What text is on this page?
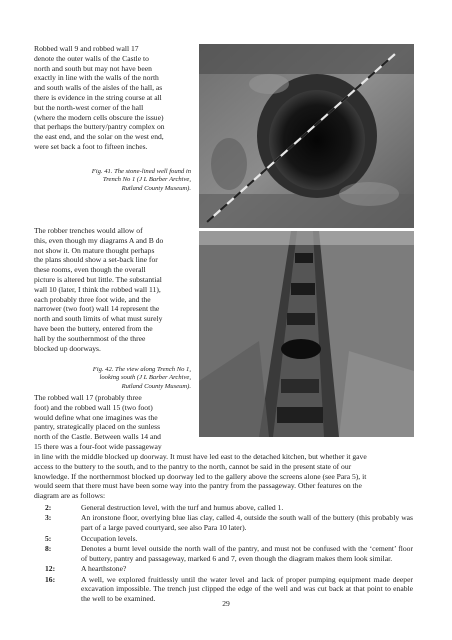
Robbed wall 9 and robbed wall 17
denote the outer walls of the Castle to
north and south but may not have been
exactly in line with the walls of the north
and south walls of the aisles of the hall, as
there is evidence in the string course at all
but the north-west corner of the hall
(where the modern cells obscure the issue)
that perhaps the buttery/pantry complex on
the east end, and the solar on the west end,
were set back a foot to fifteen inches.
Fig. 41. The stone-lined well found in
Trench No 1 (J L Barber Archive,
Rutland County Museum).
The robber trenches would allow of
this, even though my diagrams A and B do
not show it. On mature thought perhaps
the plans should show a set-back line for
these rooms, even though the overall
picture is altered but little. The substantial
wall 10 (later, I think the robbed wall 11),
each probably three foot wide, and the
narrower (two foot) wall 14 represent the
north and south limits of what must surely
have been the buttery, entered from the
hall by the southernmost of the three
blocked up doorways.
Fig. 42. The view along Trench No 1,
looking south (J L Barber Archive,
Rutland County Museum).
The robbed wall 17 (probably three
foot) and the robbed wall 15 (two foot)
would define what one imagines was the
pantry, strategically placed on the sunless
north of the Castle. Between walls 14 and
15 there was a four-foot wide passageway
in line with the middle blocked up doorway. It must have led east to the detached kitchen, but whether it gave
access to the buttery to the south, and to the pantry to the north, cannot be said in the present state of our
knowledge. If the northernmost blocked up doorway led to the gallery above the screens alone (see Para 5), it
would seem that there must have been some way into the pantry from the passageway. Other features on the
diagram are as follows:
2:	General destruction level, with the turf and humus above, called 1.
3:	An ironstone floor, overlying blue lias clay, called 4, outside the south wall of the buttery (this probably was part of a large paved courtyard, see also Para 10 later).
5:	Occupation levels.
8:	Denotes a burnt level outside the north wall of the pantry, and must not be confused with the ‘cement’ floor of buttery, pantry and passageway, marked 6 and 7, even though the diagram makes them look similar.
12:	A hearthstone?
16:	A well, we explored fruitlessly until the water level and lack of proper pumping equipment made deeper excavation impossible. The trench just clipped the edge of the well and was cut back at that point to enable the well to be examined.
29
